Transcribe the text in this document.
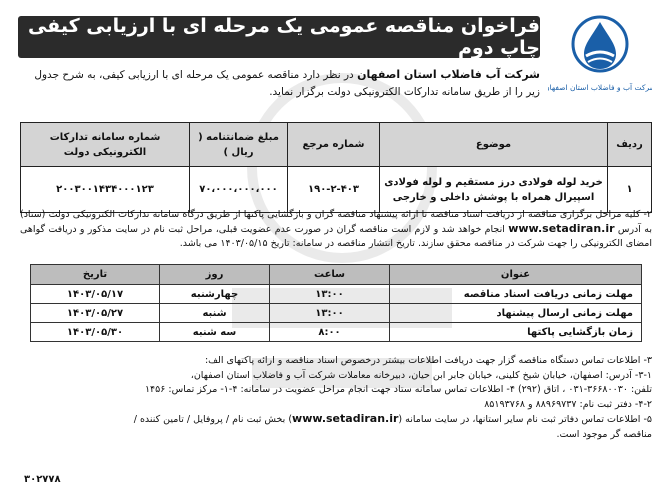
شرکت آب و فاضلاب استان اصفهان
فراخوان مناقصه عمومی یک مرحله ای با ارزیابی کیفی چاپ دوم
شرکت آب فاضلاب استان اصفهان در نظر دارد مناقصه عمومی یک مرحله ای با ارزیابی کیفی، به شرح جدول زیر را از طریق سامانه تدارکات الکترونیکی دولت برگزار نماید.
ردیف	موضوع	شماره مرجع	مبلغ ضمانتنامه ( ریال )	شماره سامانه تدارکات الکترونیکی دولت
۱	خرید لوله فولادی درز مستقیم و لوله فولادی اسپیرال همراه با پوشش داخلی و خارجی	۱۹۰-۲-۴۰۳	۷۰،۰۰۰،۰۰۰،۰۰۰	۲۰۰۳۰۰۱۴۳۴۰۰۰۱۲۳
۲- کلیه مراحل برگزاری مناقصه از دریافت اسناد مناقصه تا ارائه پیشنهاد مناقصه گران و بازگشایی پاکتها از طریق درگاه سامانه تدارکات الکترونیکی دولت (ستاد) به آدرس www.setadiran.ir انجام خواهد شد و لازم است مناقصه گران در صورت عدم عضویت قبلی، مراحل ثبت نام در سایت مذکور و دریافت گواهی امضای الکترونیکی را جهت شرکت در مناقصه محقق سازند. تاریخ انتشار مناقصه در سامانه: تاریخ ۱۴۰۳/۰۵/۱۵ می باشد.
عنوان	ساعت	روز	تاریخ
مهلت زمانی دریافت اسناد مناقصه	۱۳:۰۰	چهارشنبه	۱۴۰۳/۰۵/۱۷
مهلت زمانی ارسال پیشنهاد	۱۳:۰۰	شنبه	۱۴۰۳/۰۵/۲۷
زمان بازگشایی پاکتها	۸:۰۰	سه شنبه	۱۴۰۳/۰۵/۳۰
۳- اطلاعات تماس دستگاه مناقصه گزار جهت دریافت اطلاعات بیشتر درخصوص اسناد مناقصه و ارائه پاکتهای الف:
۳-۱- آدرس: اصفهان، خیابان شیخ کلینی، خیابان جابر ابن حیان، دبیرخانه معاملات شرکت آب و فاضلاب استان اصفهان،
تلفن: ۳۶۶۸۰۰۳۰-۰۳۱ ، اتاق (۲۹۲) ۴- اطلاعات تماس سامانه ستاد جهت انجام مراحل عضویت در سامانه: ۴-۱- مرکز تماس: ۱۴۵۶
۴-۲- دفتر ثبت نام: ۸۸۹۶۹۷۳۷ و ۸۵۱۹۳۷۶۸
۵- اطلاعات تماس دفاتر ثبت نام سایر استانها، در سایت سامانه (www.setadiran.ir) بخش ثبت نام / پروفایل / تامین کننده /
مناقصه گر موجود است.
۳۰۲۷۷۸
